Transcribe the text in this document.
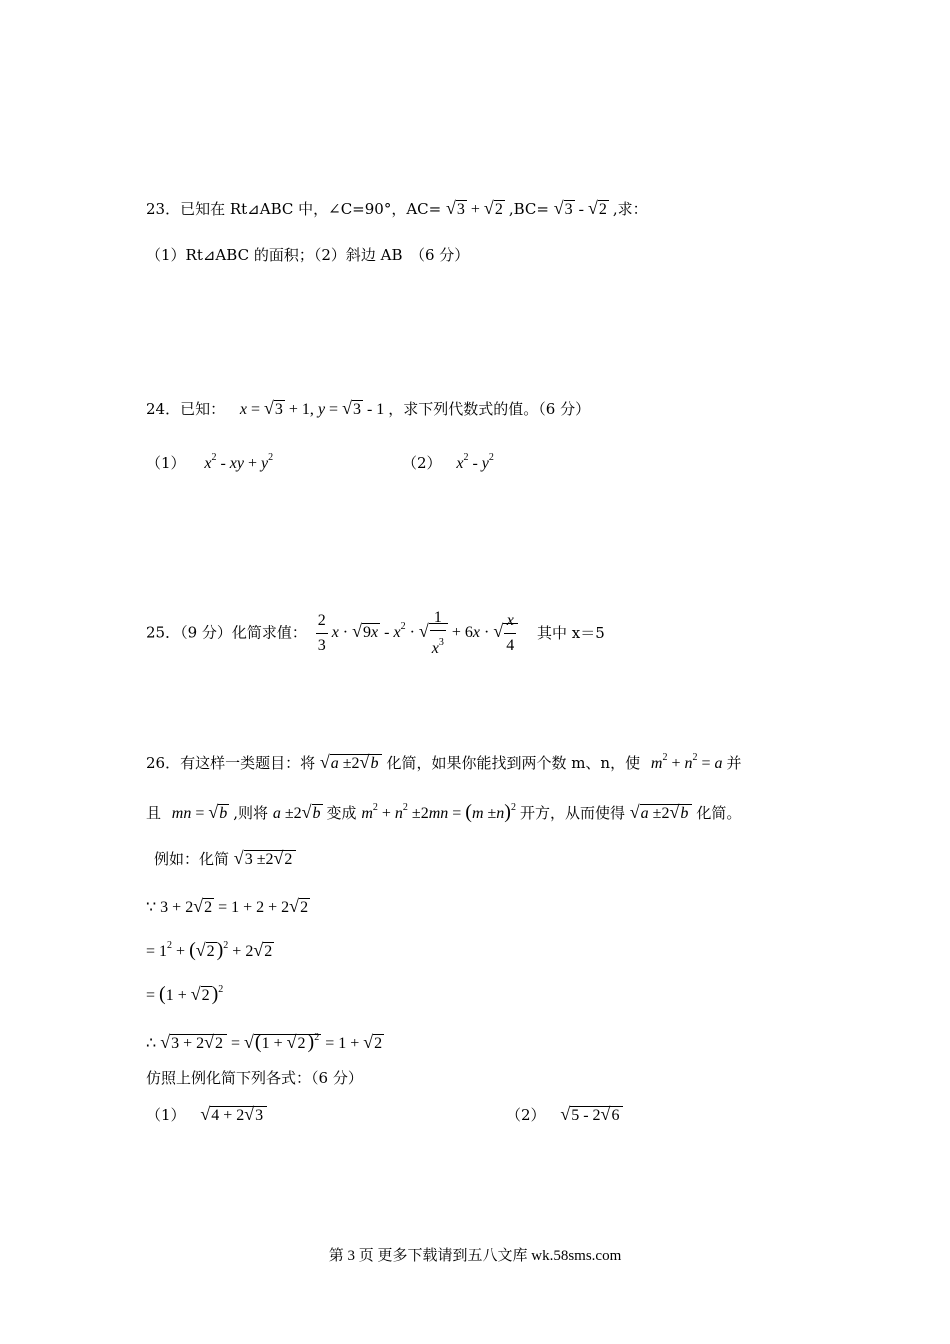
23．已知在 Rt⊿ABC 中，∠C=90°，AC= √3 + √2 ,BC= √3 - √2 ,求：
（1）Rt⊿ABC 的面积；（2）斜边 AB　（6 分）
24．已知： x = √3 + 1, y = √3 - 1 ，求下列代数式的值。（6 分）
（1） $x^2$ - xy + $y^2$	（2） $x^2 - y^2$
25．（9 分）化简求值： $\frac{2}{3}$ $x \cdot √9x - x^2$ · √ $\frac{1}{x^3} + 6x$ · √ $\frac{x}{4}$ 其中 x＝5
26．有这样一类题目：将 √a ±2√b 化简，如果你能找到两个数 m、n，使 $m^2 + n^2 = a$ 并
且 mn = √b ,则将 a ±2√b 变成 $m^2 + n^2 \pm 2mn = (m \pm n)^2$ 开方，从而使得 √a ±2√b 化简。
例如：化简 √3 ±2√2
∵ 3 + 2√2 = 1 + 2 + 2√2
= $1^2 + (√2$ )$^2$ + 2√2
= (1 + √2 )$^2$
∴ √3 + 2√2 = √(1 + √2 )$^2$ = 1 + √2
仿照上例化简下列各式：（6 分）
（1） √4 + 2√3	（2） √5 - 2√6
第 3 页 更多下载请到五八文库 wk.58sms.com
